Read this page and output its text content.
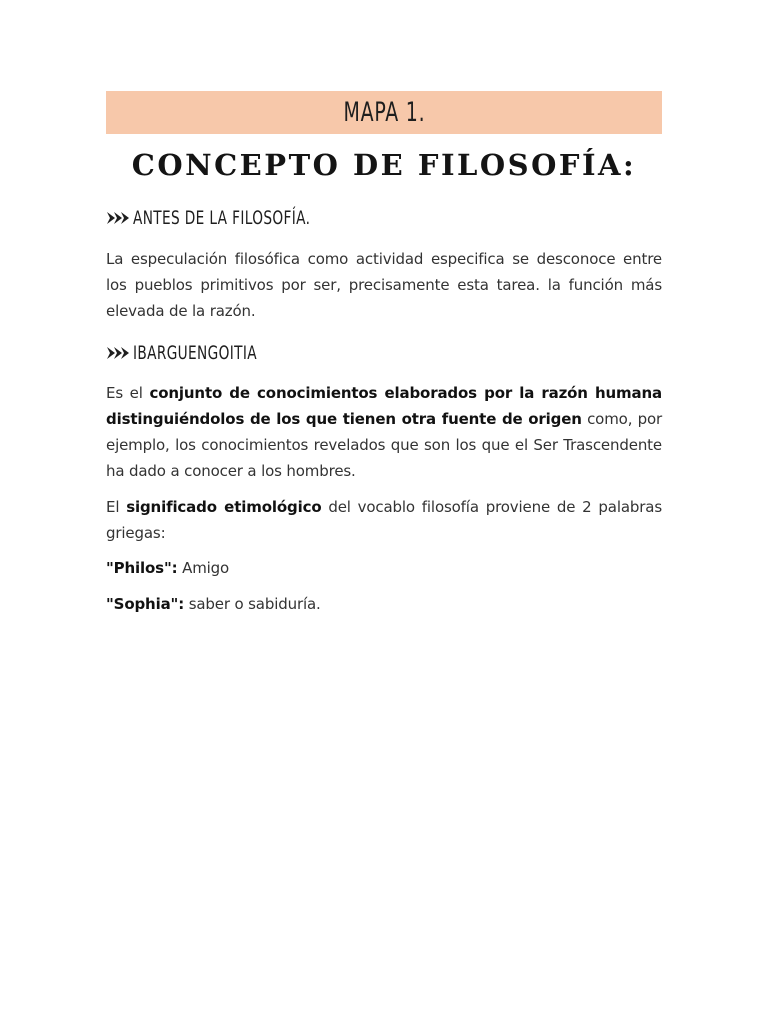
MAPA 1.
CONCEPTO DE FILOSOFÍA:
ANTES DE LA FILOSOFÍA.

La especulación filosófica como actividad especifica se desconoce entre los pueblos primitivos por ser, precisamente esta tarea. la función más elevada de la razón.

IBARGUENGOITIA

Es el conjunto de conocimientos elaborados por la razón humana distinguiéndolos de los que tienen otra fuente de origen como, por ejemplo, los conocimientos revelados que son los que el Ser Trascendente ha dado a conocer a los hombres.

El significado etimológico del vocablo filosofía proviene de 2 palabras griegas:

"Philos": Amigo

"Sophia": saber o sabiduría.
